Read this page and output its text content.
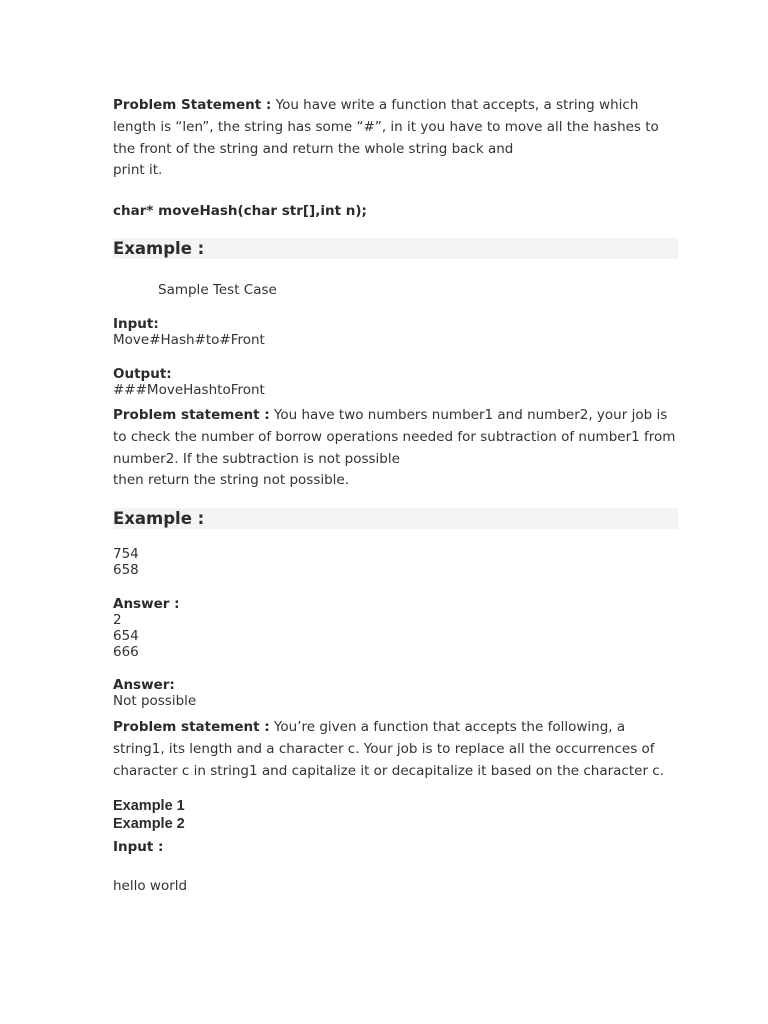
Problem Statement : You have write a function that accepts, a string which length is “len”, the string has some “#”, in it you have to move all the hashes to the front of the string and return the whole string back and

print it.

char* moveHash(char str[],int n);
Example :
Sample Test Case

Input:

Move#Hash#to#Front

Output:

###MoveHashtoFront

Problem statement : You have two numbers number1 and number2, your job is to check the number of borrow operations needed for subtraction of number1 from number2. If the subtraction is not possible

then return the string not possible.

Example :

754

658

Answer :

2

654

666

Answer:

Not possible

Problem statement : You’re given a function that accepts the following, a string1, its length and a character c. Your job is to replace all the occurrences of character c in string1 and capitalize it or decapitalize it based on the character c.

Example 1
Example 2
Input :
hello world
